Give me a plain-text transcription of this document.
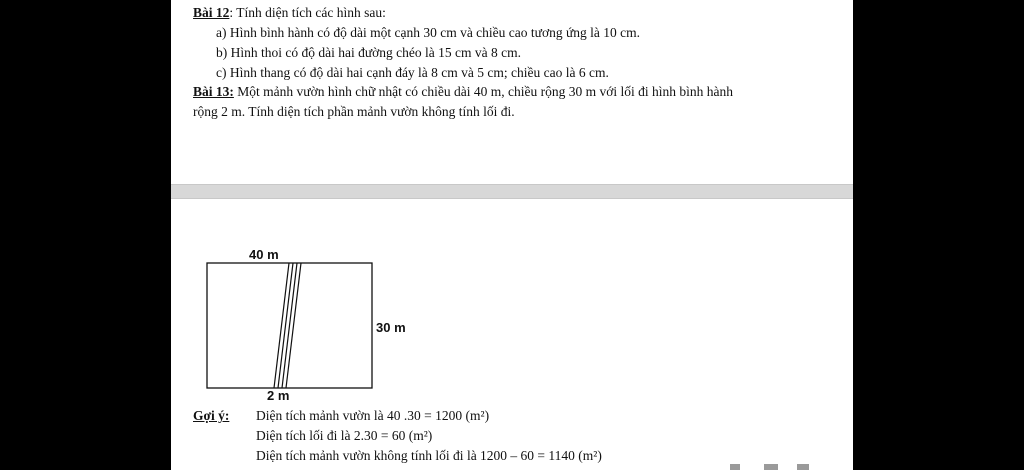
Bài 12: Tính diện tích các hình sau:
a) Hình bình hành có độ dài một cạnh 30 cm và chiều cao tương ứng là 10 cm.
b) Hình thoi có độ dài hai đường chéo là 15 cm và 8 cm.
c) Hình thang có độ dài hai cạnh đáy là 8 cm và 5 cm; chiều cao là 6 cm.
Bài 13: Một mảnh vườn hình chữ nhật có chiều dài 40 m, chiều rộng 30 m với lối đi hình bình hành
rộng 2 m. Tính diện tích phần mảnh vườn không tính lối đi.
40 m
30 m
2 m
Gợi ý: Diện tích mảnh vườn là 40 .30 = 1200 (m²)
Diện tích lối đi là 2.30 = 60 (m²)
Diện tích mảnh vườn không tính lối đi là 1200 – 60 = 1140 (m²)
